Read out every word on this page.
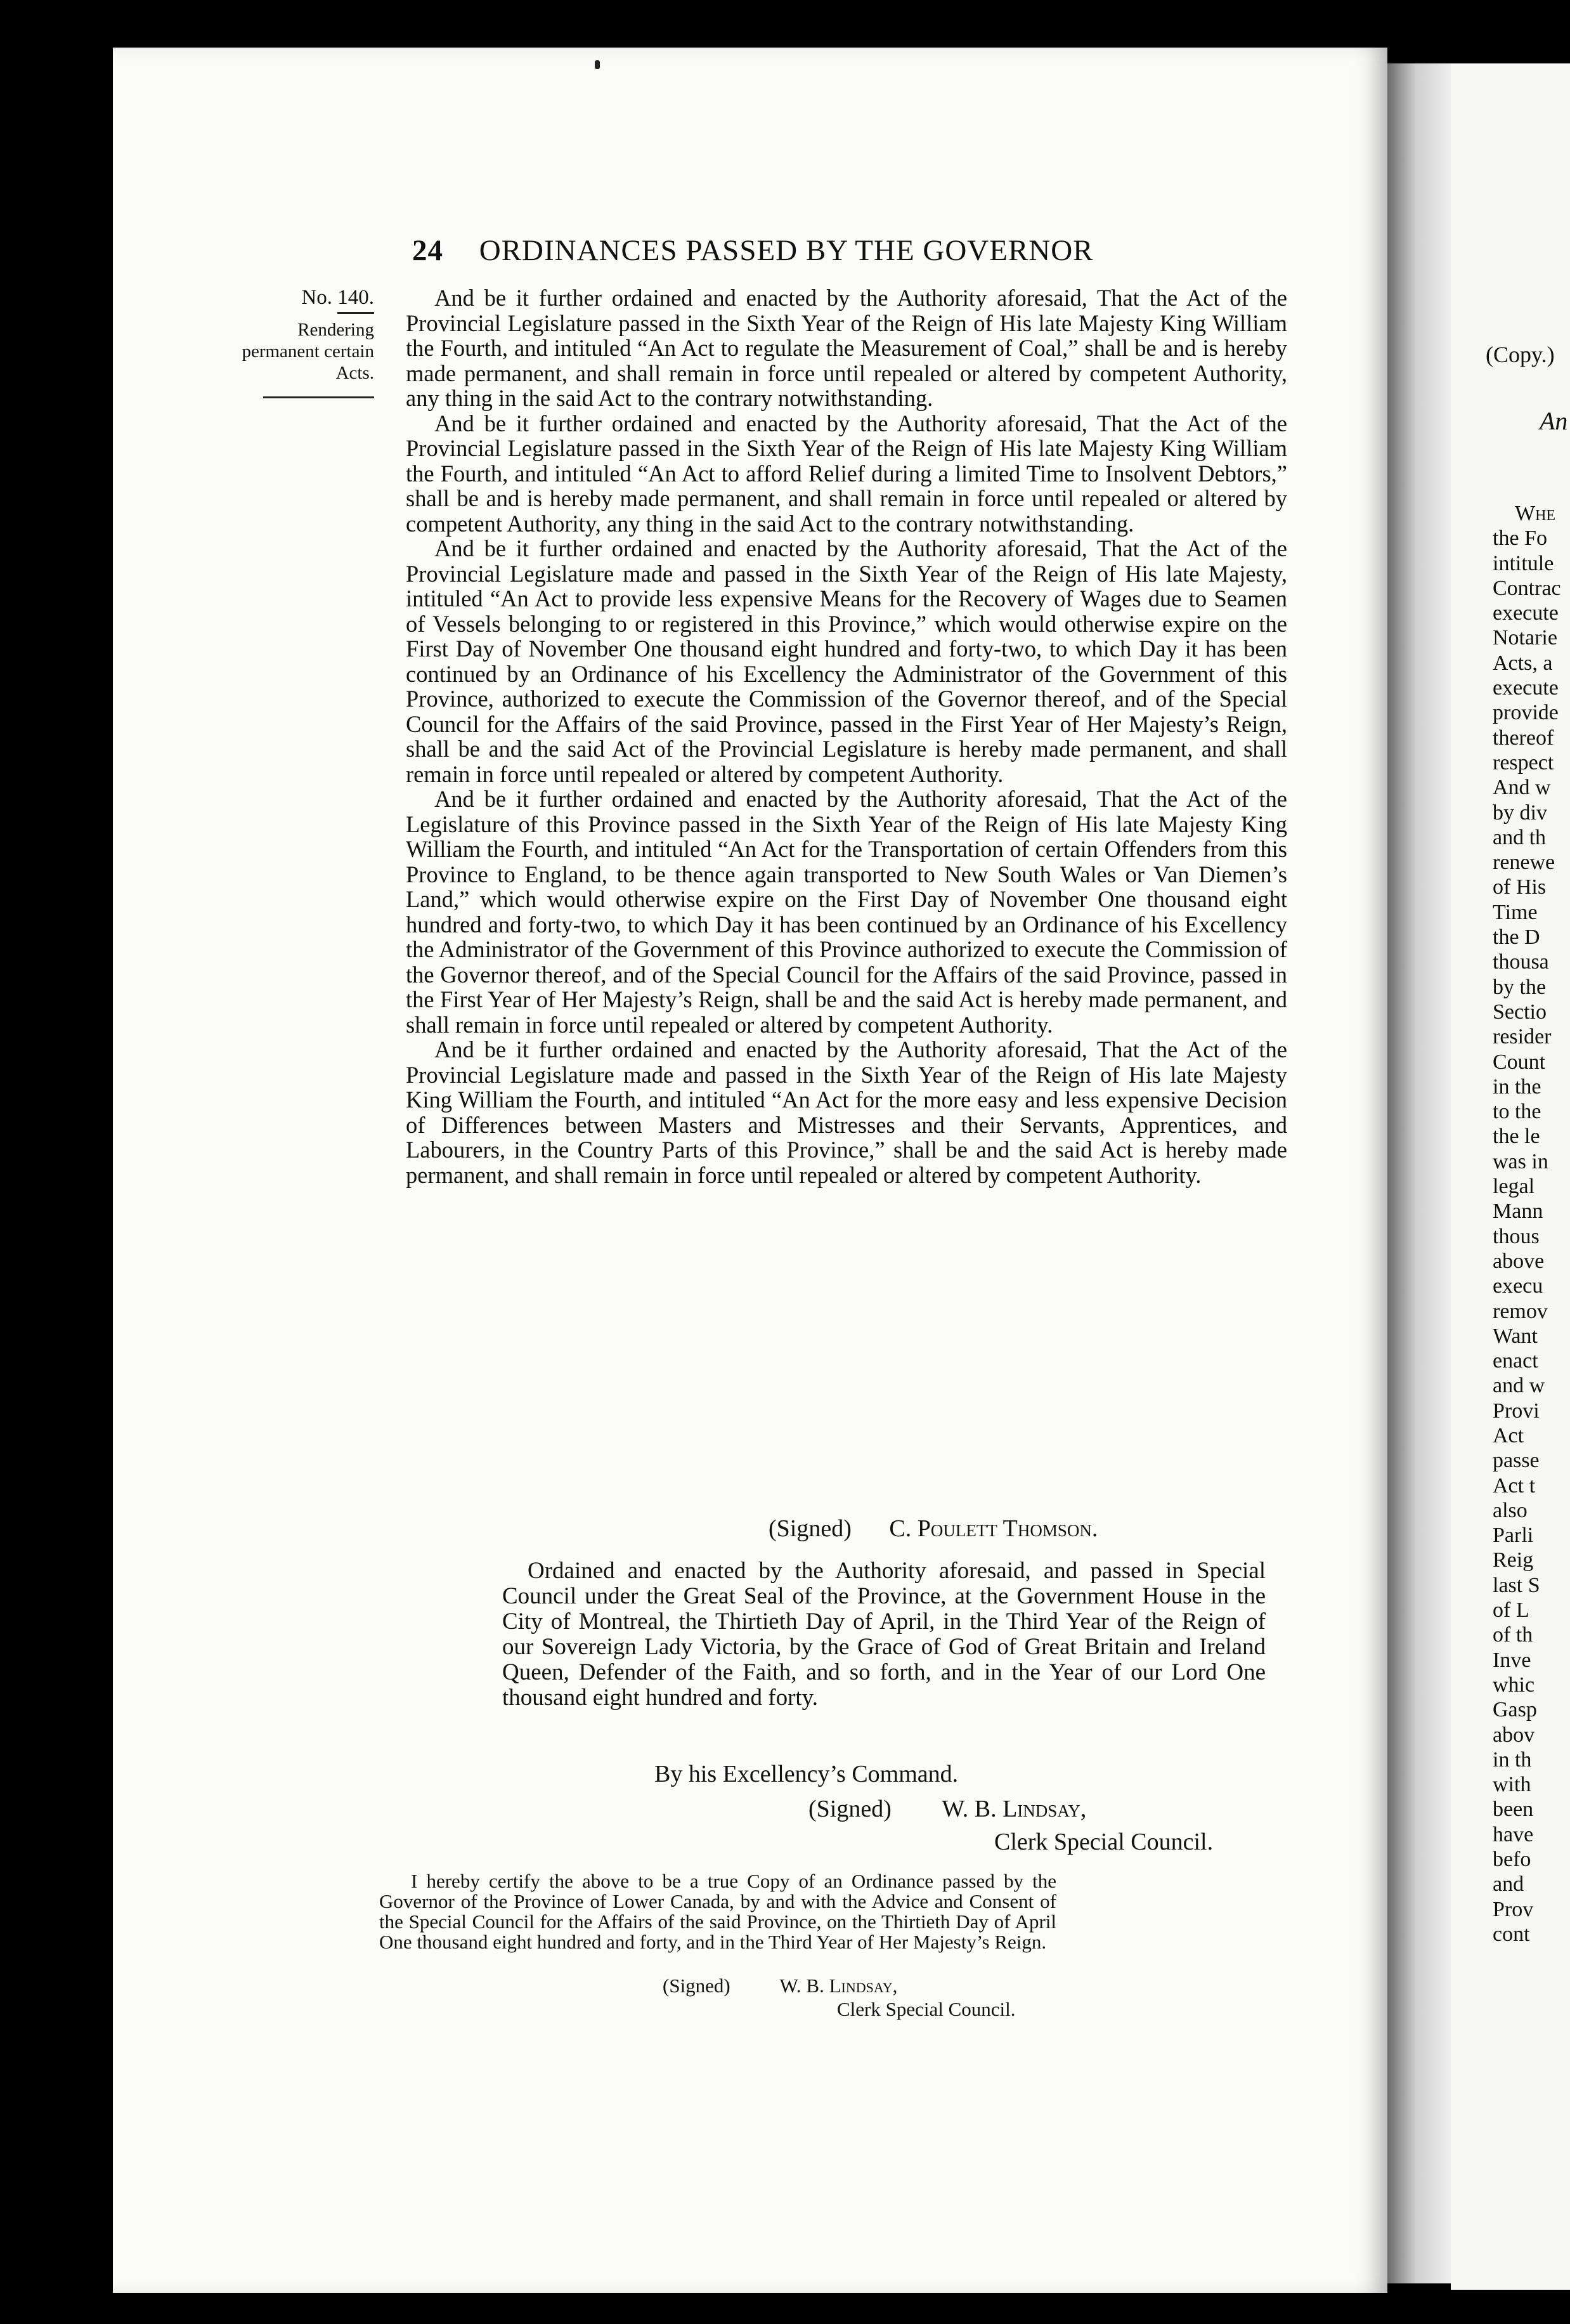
24 ORDINANCES PASSED BY THE GOVERNOR
No. 140.
Rendering permanent certain Acts.

And be it further ordained and enacted by the Authority aforesaid, That the Act of the Provincial Legislature passed in the Sixth Year of the Reign of His late Majesty King William the Fourth, and intituled “An Act to regulate the Measurement of Coal,” shall be and is hereby made permanent, and shall remain in force until repealed or altered by competent Authority, any thing in the said Act to the contrary notwithstanding.

And be it further ordained and enacted by the Authority aforesaid, That the Act of the Provincial Legislature passed in the Sixth Year of the Reign of His late Majesty King William the Fourth, and intituled “An Act to afford Relief during a limited Time to Insolvent Debtors,” shall be and is hereby made permanent, and shall remain in force until repealed or altered by competent Authority, any thing in the said Act to the contrary notwithstanding.

And be it further ordained and enacted by the Authority aforesaid, That the Act of the Provincial Legislature made and passed in the Sixth Year of the Reign of His late Majesty, intituled “An Act to provide less expensive Means for the Recovery of Wages due to Seamen of Vessels belonging to or registered in this Province,” which would otherwise expire on the First Day of November One thousand eight hundred and forty-two, to which Day it has been continued by an Ordinance of his Excellency the Administrator of the Government of this Province, authorized to execute the Commission of the Governor thereof, and of the Special Council for the Affairs of the said Province, passed in the First Year of Her Majesty’s Reign, shall be and the said Act of the Provincial Legislature is hereby made permanent, and shall remain in force until repealed or altered by competent Authority.

And be it further ordained and enacted by the Authority aforesaid, That the Act of the Legislature of this Province passed in the Sixth Year of the Reign of His late Majesty King William the Fourth, and intituled “An Act for the Transportation of certain Offenders from this Province to England, to be thence again transported to New South Wales or Van Diemen’s Land,” which would otherwise expire on the First Day of November One thousand eight hundred and forty-two, to which Day it has been continued by an Ordinance of his Excellency the Administrator of the Government of this Province authorized to execute the Commission of the Governor thereof, and of the Special Council for the Affairs of the said Province, passed in the First Year of Her Majesty’s Reign, shall be and the said Act is hereby made permanent, and shall remain in force until repealed or altered by competent Authority.

And be it further ordained and enacted by the Authority aforesaid, That the Act of the Provincial Legislature made and passed in the Sixth Year of the Reign of His late Majesty King William the Fourth, and intituled “An Act for the more easy and less expensive Decision of Differences between Masters and Mistresses and their Servants, Apprentices, and Labourers, in the Country Parts of this Province,” shall be and the said Act is hereby made permanent, and shall remain in force until repealed or altered by competent Authority.

(Signed) C. Poulett Thomson.

Ordained and enacted by the Authority aforesaid, and passed in Special Council under the Great Seal of the Province, at the Government House in the City of Montreal, the Thirtieth Day of April, in the Third Year of the Reign of our Sovereign Lady Victoria, by the Grace of God of Great Britain and Ireland Queen, Defender of the Faith, and so forth, and in the Year of our Lord One thousand eight hundred and forty.

By his Excellency’s Command.
(Signed) W. B. Lindsay,
Clerk Special Council.

I hereby certify the above to be a true Copy of an Ordinance passed by the Governor of the Province of Lower Canada, by and with the Advice and Consent of the Special Council for the Affairs of the said Province, on the Thirtieth Day of April One thousand eight hundred and forty, and in the Third Year of Her Majesty’s Reign.

(Signed)	W. B. Lindsay,
Clerk Special Council.
(Copy.)
An
Whe
the Fo
intitule
Contrac
execute
Notarie
Acts, a
execute
provide
thereof
respect
And w
by div
and th
renewe
of His
Time
the D
thousa
by the
Sectio
resider
Count
in the
to the
the le
was in
legal
Mann
thous
above
execu
remov
Want
enact
and w
Provi
Act
passe
Act t
also
Parli
Reig
last S
of L
of th
Inve
whic
Gasp
abov
in th
with
been
have
befo
and
Prov
cont
